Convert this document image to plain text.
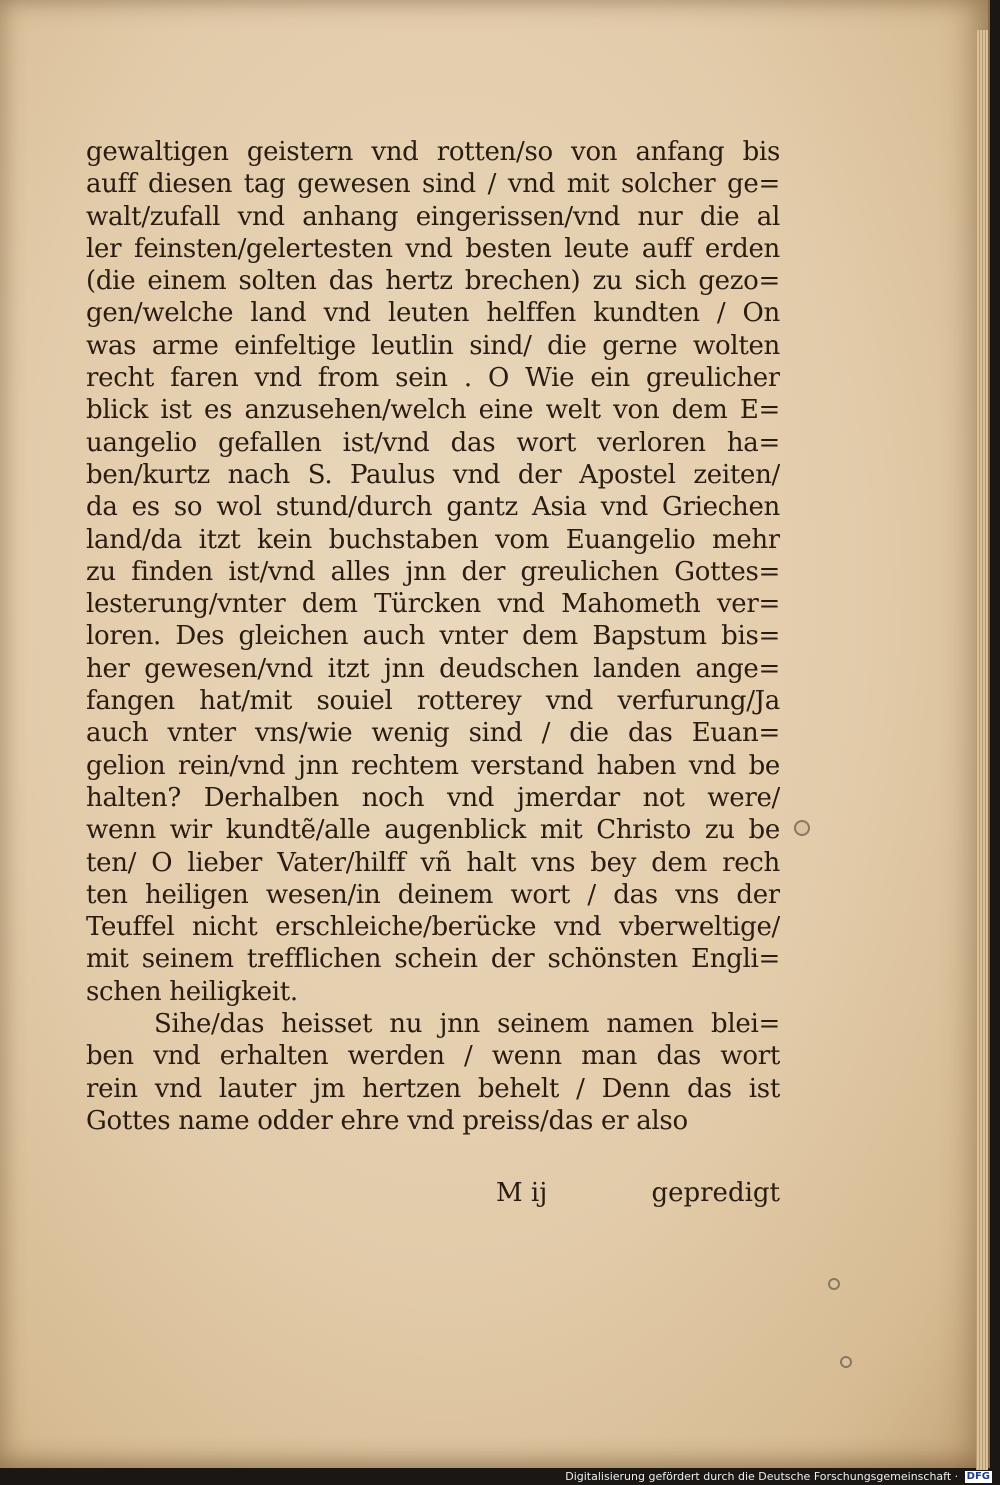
gewaltigen geistern vnd rotten/so von anfang bis
auff diesen tag gewesen sind / vnd mit solcher ge=
walt/zufall vnd anhang eingerissen/vnd nur die al
ler feinsten/gelertesten vnd besten leute auff erden
(die einem solten das hertz brechen) zu sich gezo=
gen/welche land vnd leuten helffen kundten / On
was arme einfeltige leutlin sind/ die gerne wolten
recht faren vnd from sein . O Wie ein greulicher
blick ist es anzusehen/welch eine welt von dem E=
uangelio gefallen ist/vnd das wort verloren ha=
ben/kurtz nach S. Paulus vnd der Apostel zeiten/
da es so wol stund/durch gantz Asia vnd Griechen
land/da itzt kein buchstaben vom Euangelio mehr
zu finden ist/vnd alles jnn der greulichen Gottes=
lesterung/vnter dem Türcken vnd Mahometh ver=
loren. Des gleichen auch vnter dem Bapstum bis=
her gewesen/vnd itzt jnn deudschen landen ange=
fangen hat/mit souiel rotterey vnd verfurung/Ja
auch vnter vns/wie wenig sind / die das Euan=
gelion rein/vnd jnn rechtem verstand haben vnd be
halten? Derhalben noch vnd jmerdar not were/
wenn wir kundtẽ/alle augenblick mit Christo zu be
ten/ O lieber Vater/hilff vñ halt vns bey dem rech
ten heiligen wesen/in deinem wort / das vns der
Teuffel nicht erschleiche/berücke vnd vberweltige/
mit seinem trefflichen schein der schönsten Engli=
schen heiligkeit.
Sihe/das heisset nu jnn seinem namen blei=
ben vnd erhalten werden / wenn man das wort
rein vnd lauter jm hertzen behelt / Denn das ist
Gottes name odder ehre vnd preiss/das er also
M ij	gepredigt
Digitalisierung gefördert durch die Deutsche Forschungsgemeinschaft · DFG
